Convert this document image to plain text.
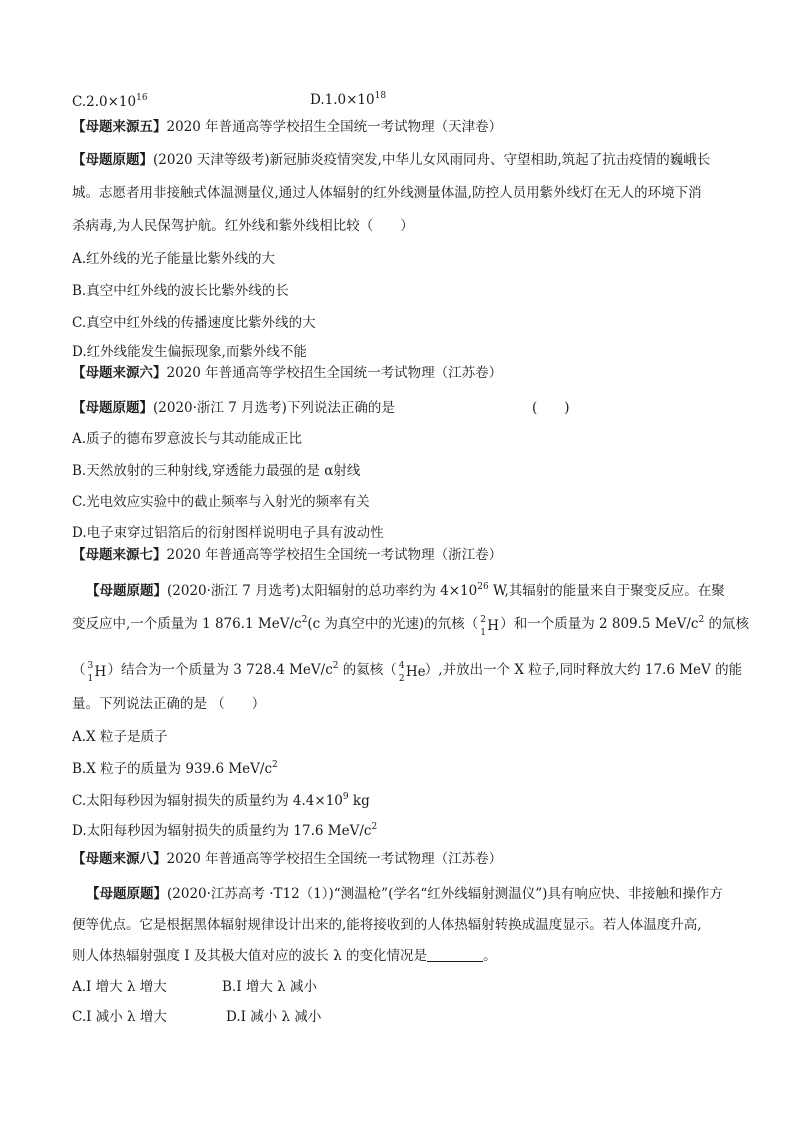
$C.2.0\times 10^{16}$	$D.1.0\times 10^{18}$
【母题来源五】2020 年普通高等学校招生全国统一考试物理（天津卷）
【母题原题】(2020 天津等级考)新冠肺炎疫情突发,中华儿女风雨同舟、守望相助,筑起了抗击疫情的巍峨长
城。志愿者用非接触式体温测量仪,通过人体辐射的红外线测量体温,防控人员用紫外线灯在无人的环境下消
杀病毒,为人民保驾护航。红外线和紫外线相比较（　　）
A.红外线的光子能量比紫外线的大
B.真空中红外线的波长比紫外线的长
C.真空中红外线的传播速度比紫外线的大
D.红外线能发生偏振现象,而紫外线不能
【母题来源六】2020 年普通高等学校招生全国统一考试物理（江苏卷）
【母题原题】(2020·浙江 7 月选考)下列说法正确的是	(　　)
A.质子的德布罗意波长与其动能成正比
B.天然放射的三种射线,穿透能力最强的是 α射线
C.光电效应实验中的截止频率与入射光的频率有关
D.电子束穿过铝箔后的衍射图样说明电子具有波动性
【母题来源七】2020 年普通高等学校招生全国统一考试物理（浙江卷）
【母题原题】(2020·浙江 7 月选考)太阳辐射的总功率约为 $4\times 10^{26}$ W,其辐射的能量来自于聚变反应。在聚
变反应中,一个质量为 1 876.1 MeV/$c^2(c$ 为真空中的光速)的氘核（ 2
1 H ）和一个质量为 2 809.5 MeV/$c^2$ 的氚核
（ 3
1 H ）结合为一个质量为 3 728.4 MeV/$c^2$ 的氦核（ 4
2 He ）,并放出一个 X 粒子,同时释放大约 17.6 MeV 的能
量。下列说法正确的是 （　　）
A.X 粒子是质子
B.X 粒子的质量为 939.6 MeV/$c^2$
C.太阳每秒因为辐射损失的质量约为 $4.4\times 10^9$ kg
D.太阳每秒因为辐射损失的质量约为 17.6 MeV/$c^2$
【母题来源八】2020 年普通高等学校招生全国统一考试物理（江苏卷）
【母题原题】(2020·江苏高考 ·T12（1）)“测温枪”(学名“红外线辐射测温仪”)具有响应快、非接触和操作方
便等优点。它是根据黑体辐射规律设计出来的,能将接收到的人体热辐射转换成温度显示。若人体温度升高,
则人体热辐射强度 I 及其极大值对应的波长 λ 的变化情况是	。
A.I 增大 λ 增大	B.I 增大 λ 减小
C.I 减小 λ 增大	D.I 减小 λ 减小
